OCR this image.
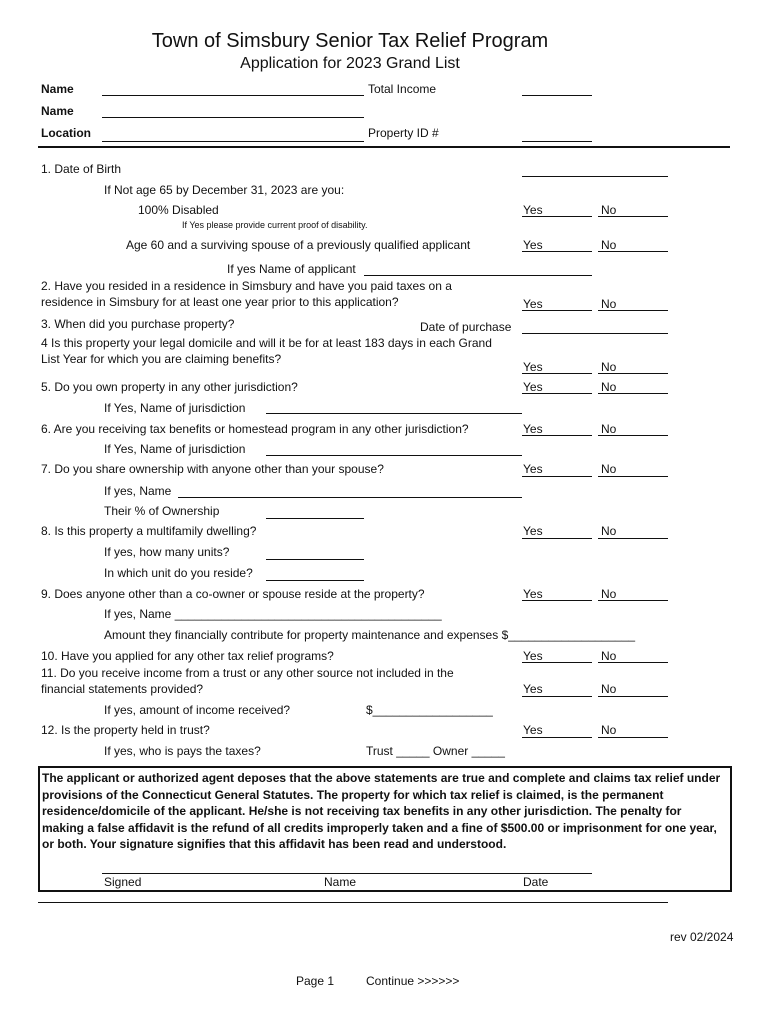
Town of Simsbury Senior Tax Relief Program
Application for 2023 Grand List
Name	Total Income
Name
Location	Property ID #
1. Date of Birth
If Not age 65 by December 31, 2023 are you:
100% Disabled	Yes	No
If Yes please provide current proof of disability.
Age 60 and a surviving spouse of a previously qualified applicant	Yes	No
If yes Name of applicant
2. Have you resided in a residence in Simsbury and have you paid taxes on a
residence in Simsbury for at least one year prior to this application?	Yes	No
3. When did you purchase property?	Date of purchase
4 Is this property your legal domicile and will it be for at least 183 days in each Grand
List Year for which you are claiming benefits?
Yes	No
5. Do you own property in any other jurisdiction?	Yes	No
If Yes, Name of jurisdiction
6. Are you receiving tax benefits or homestead program in any other jurisdiction?	Yes	No
If Yes, Name of jurisdiction
7. Do you share ownership with anyone other than your spouse?	Yes	No
If yes, Name
Their % of Ownership
8. Is this property a multifamily dwelling?	Yes	No
If yes, how many units?
In which unit do you reside?
9. Does anyone other than a co-owner or spouse reside at the property?	Yes	No
If yes, Name ________________________________________
Amount they financially contribute for property maintenance and expenses $___________________
10. Have you applied for any other tax relief programs?	Yes	No
11. Do you receive income from a trust or any other source not included in the
financial statements provided?	Yes	No
If yes, amount of income received?	$__________________
12. Is the property held in trust?	Yes	No
If yes, who is pays the taxes?	Trust _____ Owner _____
The applicant or authorized agent deposes that the above statements are true and complete and claims tax relief under provisions of the Connecticut General Statutes. The property for which tax relief is claimed, is the permanent residence/domicile of the applicant. He/she is not receiving tax benefits in any other jurisdiction. The penalty for making a false affidavit is the refund of all credits improperly taken and a fine of $500.00 or imprisonment for one year, or both. Your signature signifies that this affidavit has been read and understood.
Signed	Name	Date
rev 02/2024
Page 1	Continue >>>>>>
